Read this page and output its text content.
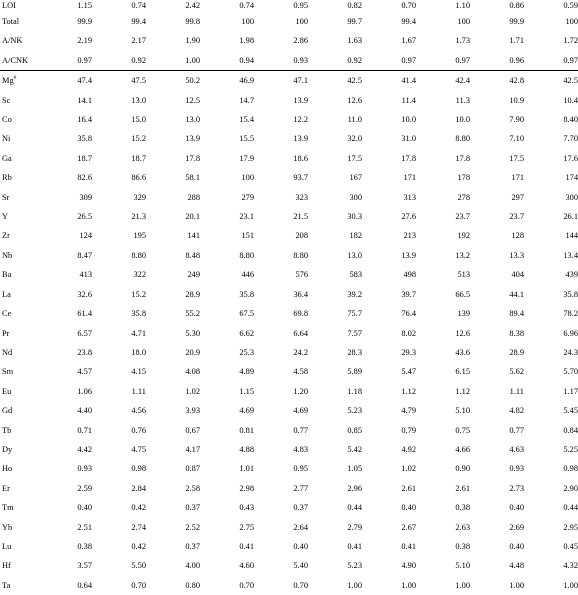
LOI	1.15	0.74	2.42	0.74	0.95	0.82	0.70	1.10	0.86	0.59
Total	99.9	99.4	99.8	100	100	99.7	99.4	100	99.9	100
A/NK	2.19	2.17	1.90	1.98	2.86	1.63	1.67	1.73	1.71	1.72
A/CNK	0.97	0.92	1.00	0.94	0.93	0.92	0.97	0.97	0.96	0.97
Mg#	47.4	47.5	50.2	46.9	47.1	42.5	41.4	42.4	42.8	42.5
Sc	14.1	13.0	12.5	14.7	13.9	12.6	11.4	11.3	10.9	10.4
Co	16.4	15.0	13.0	15.4	12.2	11.0	10.0	10.0	7.90	8.40
Ni	35.8	15.2	13.9	15.5	13.9	32.0	31.0	8.80	7.10	7.70
Ga	18.7	18.7	17.8	17.9	18.6	17.5	17.8	17.8	17.5	17.6
Rb	82.6	86.6	58.1	100	93.7	167	171	178	171	174
Sr	309	329	288	279	323	300	313	278	297	300
Y	26.5	21.3	20.1	23.1	21.5	30.3	27.6	23.7	23.7	26.1
Zr	124	195	141	151	208	182	213	192	128	144
Nb	8.47	8.80	8.48	8.80	8.80	13.0	13.9	13.2	13.3	13.4
Ba	413	322	249	446	576	583	498	513	404	439
La	32.6	15.2	28.9	35.8	36.4	39.2	39.7	66.5	44.1	35.8
Ce	61.4	35.8	55.2	67.5	69.8	75.7	76.4	139	89.4	78.2
Pr	6.57	4.71	5.30	6.62	6.64	7.57	8.02	12.6	8.38	6.96
Nd	23.8	18.0	20.9	25.3	24.2	28.3	29.3	43.6	28.9	24.3
Sm	4.57	4.15	4.08	4.89	4.58	5.89	5.47	6.15	5.62	5.70
Eu	1.06	1.11	1.02	1.15	1.20	1.18	1.12	1.12	1.11	1.17
Gd	4.40	4.56	3.93	4.69	4.69	5.23	4.79	5.10	4.82	5.45
Tb	0.71	0.76	0.67	0.81	0.77	0.85	0.79	0.75	0.77	0.84
Dy	4.42	4.75	4.17	4.88	4.83	5.42	4.92	4.66	4.63	5.25
Ho	0.93	0.98	0.87	1.01	0.95	1.05	1.02	0.90	0.93	0.98
Er	2.59	2.84	2.58	2.98	2.77	2.96	2.61	2.61	2.73	2.90
Tm	0.40	0.42	0.37	0.43	0.37	0.44	0.40	0.38	0.40	0.44
Yb	2.51	2.74	2.52	2.75	2.64	2.79	2.67	2.63	2.69	2.95
Lu	0.38	0.42	0.37	0.41	0.40	0.41	0.41	0.38	0.40	0.45
Hf	3.57	5.50	4.00	4.60	5.40	5.23	4.90	5.10	4.48	4.32
Ta	0.64	0.70	0.80	0.70	0.70	1.00	1.00	1.00	1.00	1.00
